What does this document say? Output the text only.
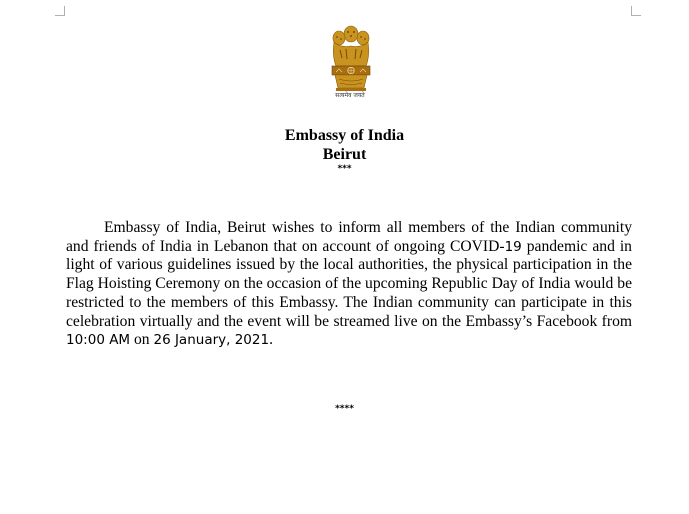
सत्यमेव जयते
Embassy of India
Beirut
***

Embassy of India, Beirut wishes to inform all members of the Indian community and friends of India in Lebanon that on account of ongoing COVID-19 pandemic and in light of various guidelines issued by the local authorities, the physical participation in the Flag Hoisting Ceremony on the occasion of the upcoming Republic Day of India would be restricted to the members of this Embassy. The Indian community can participate in this celebration virtually and the event will be streamed live on the Embassy’s Facebook from 10:00 AM on 26 January, 2021.

****
